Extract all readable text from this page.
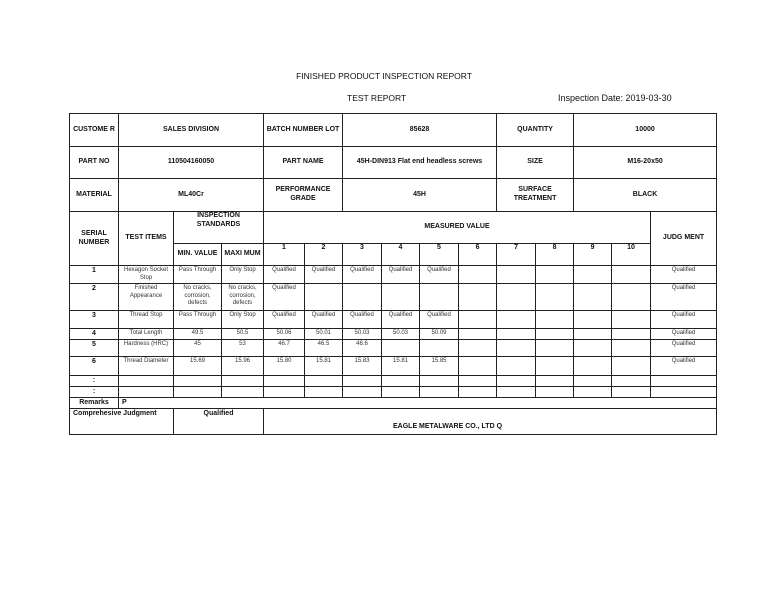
FINISHED PRODUCT INSPECTION REPORT
TEST REPORT	Inspection Date: 2019-03-30
CUSTOME R	SALES DIVISION			BATCH NUMBER LOT		85628				QUANTITY		10000		
PART NO	110504160050			PART NAME		45H-DIN913 Flat end headless screws				SIZE		M16-20x50		
MATERIAL	ML40Cr			PERFORMANCE GRADE		45H				SURFACE TREATMENT		BLACK		
SERIAL NUMBER	TEST ITEMS	INSPECTION STANDARDS		MEASURED VALUE										JUDG MENT
		MIN. VALUE	MAXI MUM	1	2	3	4	5	6	7	8	9	10	
1	Hexagon Socket Stop	Pass Through	Only Stop	Qualified	Qualified	Qualified	Qualified	Qualified						Qualified
2	Finished Appearance	No cracks, corrosion, defects	No cracks, corrosion, defects	Qualified										Qualified
3	Thread Stop	Pass Through	Only Stop	Qualified	Qualified	Qualified	Qualified	Qualified						Qualified
4	Total Length	49.5	50.5	50.06	50.01	50.03	50.03	50.09						Qualified
5	Hardness (HRC)	45	53	46.7	46.5	46.6								Qualified
6	Thread Diameter	15.69	15.96	15.80	15.81	15.83	15.81	15.85						Qualified
:														
:														
Remarks	P													
Comprehesive Judgment		Qualified		EAGLE METALWARE CO., LTD Q										
